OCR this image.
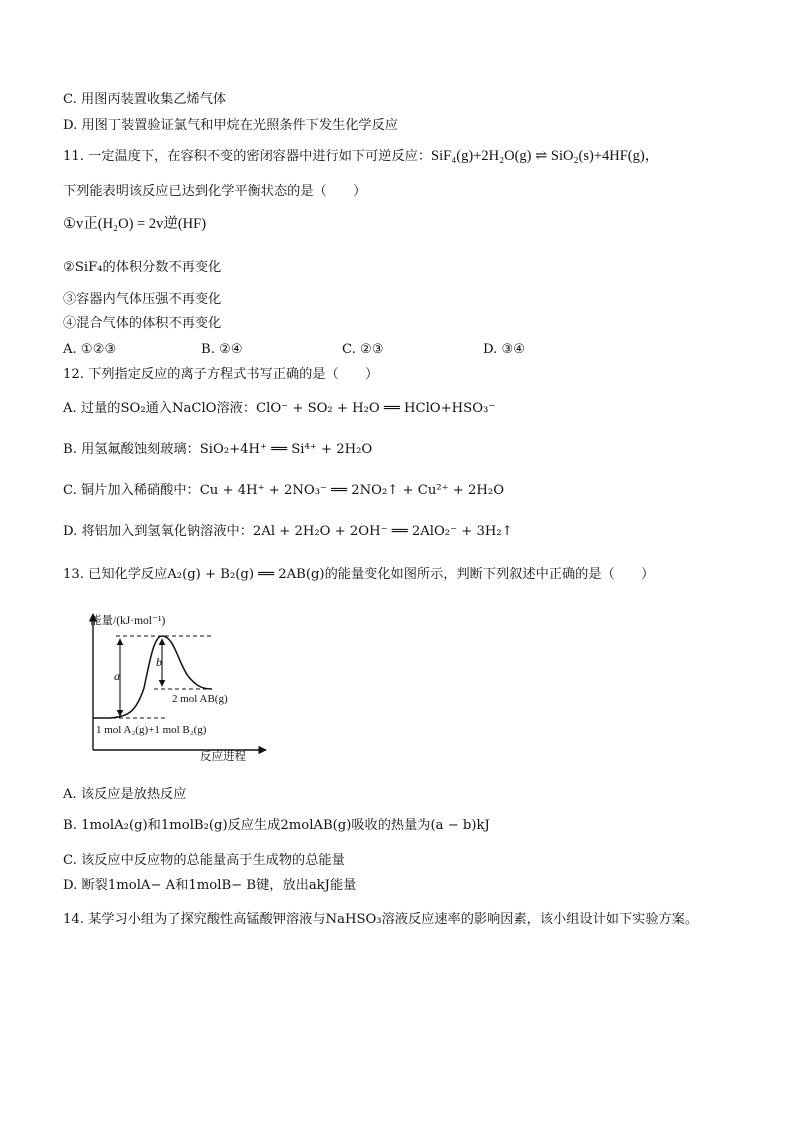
C. 用图丙装置收集乙烯气体
D. 用图丁装置验证氯气和甲烷在光照条件下发生化学反应
11. 一定温度下，在容积不变的密闭容器中进行如下可逆反应：SiF₄(g)+2H₂O(g) ⇌ SiO₂(s)+4HF(g)，
下列能表明该反应已达到化学平衡状态的是（　　）
①v正(H₂O) = 2v逆(HF)
②SiF₄的体积分数不再变化
③容器内气体压强不再变化
④混合气体的体积不再变化
A. ①②③	B. ②④	C. ②③	D. ③④
12. 下列指定反应的离子方程式书写正确的是（　　）
A. 过量的SO₂通入NaClO溶液：ClO⁻ + SO₂ + H₂O ══ HClO+HSO₃⁻
B. 用氢氟酸蚀刻玻璃：SiO₂+4H⁺ ══ Si⁴⁺ + 2H₂O
C. 铜片加入稀硝酸中：Cu + 4H⁺ + 2NO₃⁻ ══ 2NO₂↑ + Cu²⁺ + 2H₂O
D. 将铝加入到氢氧化钠溶液中：2Al + 2H₂O + 2OH⁻ ══ 2AlO₂⁻ + 3H₂↑
13. 已知化学反应A₂(g) + B₂(g) ══ 2AB(g)的能量变化如图所示，判断下列叙述中正确的是（　　）
能量/(kJ·mol⁻¹)
反应进程
a
b
2 mol AB(g)
1 mol A₂(g)+1 mol B₂(g)
A. 该反应是放热反应
B. 1molA₂(g)和1molB₂(g)反应生成2molAB(g)吸收的热量为(a − b)kJ
C. 该反应中反应物的总能量高于生成物的总能量
D. 断裂1molA− A和1molB− B键，放出akJ能量
14. 某学习小组为了探究酸性高锰酸钾溶液与NaHSO₃溶液反应速率的影响因素，该小组设计如下实验方案。
